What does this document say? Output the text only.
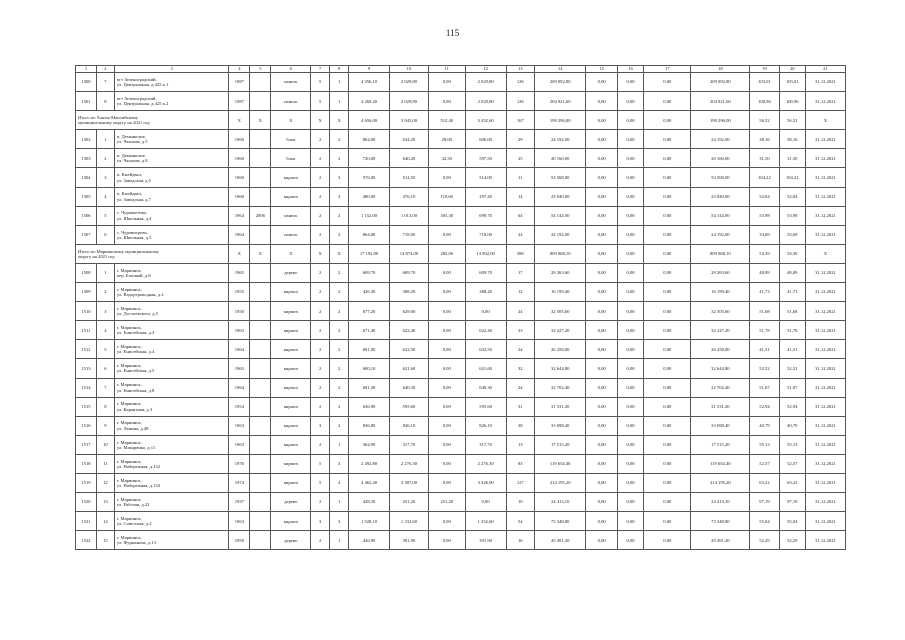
115
1	2	3	4	5	6	7	8	9	10	11	12	13	14	15	16	17	18	19	20	21
1500	7	пгт Зеленоградский,
ул. Центральная, д.425 к.1	1987		панель	5	1	4 356,10	2 029,80	0,00	2 029,80	126	209 092,80	0,00	0,00	0,00	209 092,80	103,01	103,01	31.12.2021
1501	8	пгт Зеленоградский,
ул. Центральная, д.425 к.2	1987		панель	5	1	4 269,20	2 029,80	0,00	2 029,80	126	204 921,60	0,00	0,00	0,00	204 921,60	100,96	100,96	31.12.2021
Итого по Ханты-Мансийскому
муниципальному округу на 2021 год			X	X	X	X	X	4 656,00	3 945,00	512,40	3 432,60	167	199 296,00	0,00	0,00	0,00	199 296,00	56,52	56,52	X
1502	1	п. Демьянское,
ул. Чкалова, д.5	1960		блок	2	2	864,00	634,20	28,00	606,00	29	24 192,00	0,00	0,00	0,00	24 192,00	38,16	38,16	31.12.2021
1503	2	п. Демьянское,
ул. Чкалова, д.8	1960		блок	2	2	720,00	640,20	42,50	597,50	25	20 160,00	0,00	0,00	0,00	20 160,00	31,50	31,50	31.12.2021
1504	3	п. Кмейдвал,
ул. Заводская, д.5	1960		кирпич	2	3	576,00	514,50	0,00	514,00	11	53 568,00	0,00	0,00	0,00	53 568,00	104,22	104,22	31.12.2021
1505	4	п. Кмейдвал,
ул. Заводская, д.7	1960		кирпич	2	3	480,00	476,10	118,60	297,40	14	23 040,00	0,00	0,00	0,00	23 040,00	52,84	52,84	31.12.2021
1506	5	с. Чуроваетово,
ул. Школьная, д.4	1964	2006	панель	2	2	1 152,00	1 013,00	303,30	699,70	64	54 144,00	0,00	0,00	0,00	54 144,00	53,98	53,98	31.12.2021
1507	6	с. Чуровитрово,
ул. Школьная, д.5	1964		панель	2	2	864,00	718,00	0,00	718,00	24	24 192,00	0,00	0,00	0,00	24 192,00	33,69	33,69	31.12.2021
Итого по Мариинскому муниципальному
округу на 2021 год			X	X	X	X	X	17 192,00	14 874,00	282,00	13 902,00	588	809 068,10	0,00	0,00	0,00	809 068,10	54,39	54,39	X
1508	1	г. Мариинск,
пер. Базовый, д.8	1965		дерево	2	2	609,70	609,70	0,00	609,70	17	29 263,60	0,00	0,00	0,00	29 263,60	48,09	48,09	31.12.2021
1509	2	г. Мариинск,
ул. Вадортроводная, д.2	1955		кирпич	2	2	426,30	388,20	0,00	388,20	12	16 199,40	0,00	0,00	0,00	16 199,40	41,73	41,73	31.12.2021
1510	3	г. Мариинск,
ул. Достоевского, д.5	1950		кирпич	2	2	677,20	629,00	0,00	0,00	24	32 505,60	0,00	0,00	0,00	32 505,60	51,68	51,68	31.12.2021
1511	4	г. Мариинск,
ул. Енисейская, д.3	1963		кирпич	2	2	671,40	622,40	0,00	622,40	33	32 227,20	0,00	0,00	0,00	32 227,20	51,78	51,78	31.12.2021
1512	5	г. Мариинск,
ул. Енисейская, д.4	1964		кирпич	2	2	691,00	632,50	0,00	632,50	24	26 258,00	0,00	0,00	0,00	26 258,00	41,51	41,51	31.12.2021
1513	6	г. Мариинск,
ул. Енисейская, д.5	1963		кирпич	2	2	680,10	621,60	0,00	621,60	32	32 644,80	0,00	0,00	0,00	32 644,80	52,52	52,52	31.12.2021
1514	7	г. Мариинск,
ул. Енисейская, д.8	1964		кирпич	2	2	681,30	640,30	0,00	640,30	24	32 702,40	0,00	0,00	0,00	32 702,40	51,07	51,07	31.12.2021
1515	8	г. Мариинск,
ул. Карантная, д.3	1954		кирпич	2	2	636,90	595,60	0,00	595,60	31	31 531,20	0,00	0,00	0,00	31 531,20	52,94	52,94	31.12.2021
1516	9	г. Мариинск,
ул. Ленина, д.48	1963		кирпич	3	2	836,80	826,10	0,00	826,10	38	33 698,40	0,00	0,00	0,00	33 698,40	40,79	40,79	31.12.2021
1517	10	г. Мариинск,
ул. Макаренко, д.11	1963		кирпич	2	1	364,90	317,70	0,00	317,70	13	17 515,20	0,00	0,00	0,00	17 515,20	55,13	55,13	31.12.2021
1518	11	г. Мариинск,
ул. Набережная, д.132	1976		кирпич	5	3	2 492,80	2 276,30	0,00	2 276,30	83	119 654,40	0,00	0,00	0,00	119 654,40	52,57	52,57	31.12.2021
1519	12	г. Мариинск,
ул. Набережная, д.133	1974		кирпич	5	4	4 462,40	3 387,00	0,00	3 326,90	127	214 195,20	0,00	0,00	0,00	214 195,20	63,22	63,22	31.12.2021
1520	13	г. Мариинск,
ул. Рабочая, д.22	1937		дерево	2	1	428,30	251,20	251,20	0,00	10	24 413,10	0,00	0,00	0,00	24 413,10	97,19	97,19	31.12.2021
1521	14	г. Мариинск,
ул. Советская, д.2	1963		кирпич	3	3	1 528,10	1 332,60	0,00	1 332,60	54	73 348,80	0,00	0,00	0,00	73 348,80	55,04	55,04	31.12.2021
1522	15	г. Мариинск,
ул. Фурманова, д.13	1959		дерево	2	1	426,90	391,90	0,00	391,90	16	20 491,20	0,00	0,00	0,00	20 491,20	52,29	52,29	31.12.2021
